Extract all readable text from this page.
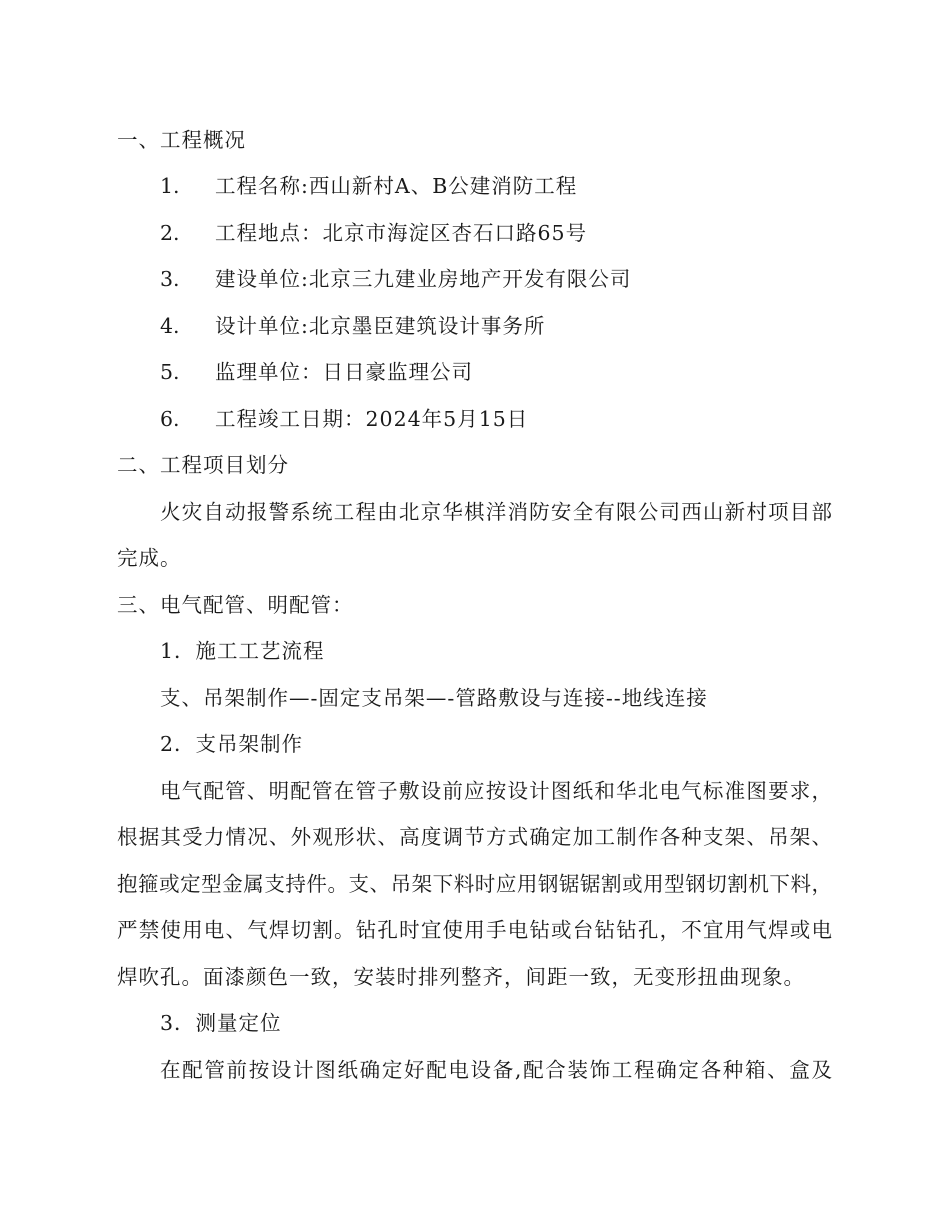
一、工程概况
1. 工程名称:西山新村A、B公建消防工程
2. 工程地点：北京市海淀区杏石口路65号
3. 建设单位:北京三九建业房地产开发有限公司
4. 设计单位:北京墨臣建筑设计事务所
5. 监理单位：日日豪监理公司
6. 工程竣工日期：2024年5月15日
二、工程项目划分
火灾自动报警系统工程由北京华棋洋消防安全有限公司西山新村项目部
完成。
三、电气配管、明配管：
1．施工工艺流程
支、吊架制作—-固定支吊架—-管路敷设与连接--地线连接
2．支吊架制作
电气配管、明配管在管子敷设前应按设计图纸和华北电气标准图要求，
根据其受力情况、外观形状、高度调节方式确定加工制作各种支架、吊架、
抱箍或定型金属支持件。支、吊架下料时应用钢锯锯割或用型钢切割机下料，
严禁使用电、气焊切割。钻孔时宜使用手电钻或台钻钻孔，不宜用气焊或电
焊吹孔。面漆颜色一致，安装时排列整齐，间距一致，无变形扭曲现象。
3．测量定位
在配管前按设计图纸确定好配电设备,配合装饰工程确定各种箱、盒及
